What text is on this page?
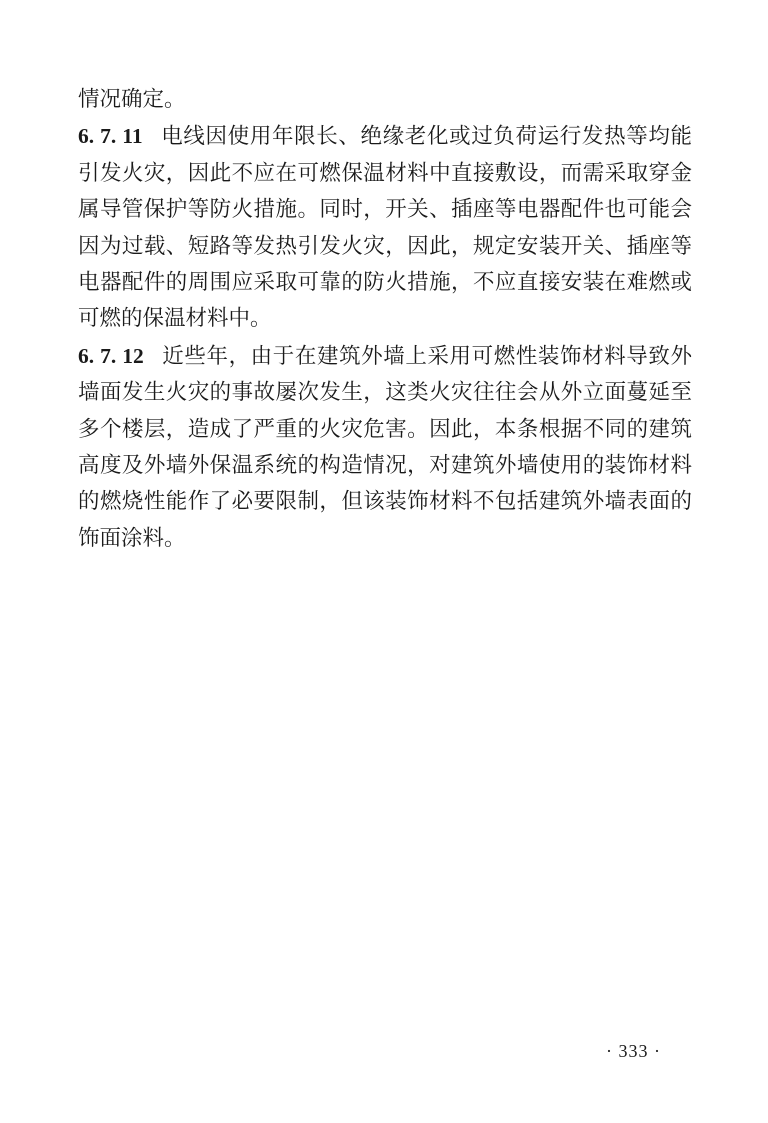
情况确定。

6. 7. 11 电线因使用年限长、绝缘老化或过负荷运行发热等均能引发火灾，因此不应在可燃保温材料中直接敷设，而需采取穿金属导管保护等防火措施。同时，开关、插座等电器配件也可能会因为过载、短路等发热引发火灾，因此，规定安装开关、插座等电器配件的周围应采取可靠的防火措施，不应直接安装在难燃或可燃的保温材料中。

6. 7. 12 近些年，由于在建筑外墙上采用可燃性装饰材料导致外墙面发生火灾的事故屡次发生，这类火灾往往会从外立面蔓延至多个楼层，造成了严重的火灾危害。因此，本条根据不同的建筑高度及外墙外保温系统的构造情况，对建筑外墙使用的装饰材料的燃烧性能作了必要限制，但该装饰材料不包括建筑外墙表面的饰面涂料。

· 333 ·
